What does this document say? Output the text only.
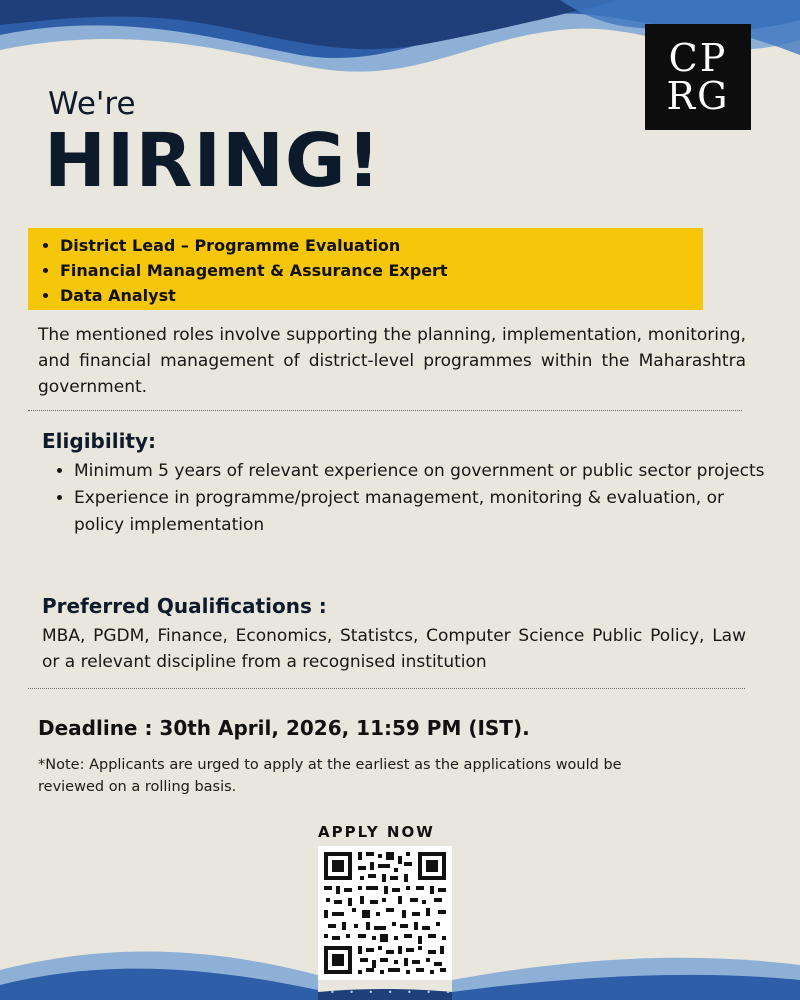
CP
RG
We're
HIRING!
• District Lead – Programme Evaluation
• Financial Management & Assurance Expert
• Data Analyst
The mentioned roles involve supporting the planning, implementation, monitoring, and financial management of district-level programmes within the Maharashtra government.
Eligibility:
• Minimum 5 years of relevant experience on government or public sector projects
• Experience in programme/project management, monitoring & evaluation, or policy implementation
Preferred Qualifications :
MBA, PGDM, Finance, Economics, Statistcs, Computer Science Public Policy, Law or a relevant discipline from a recognised institution
Deadline : 30th April, 2026, 11:59 PM (IST).
*Note: Applicants are urged to apply at the earliest as the applications would be reviewed on a rolling basis.
APPLY NOW
• • • • • • •
